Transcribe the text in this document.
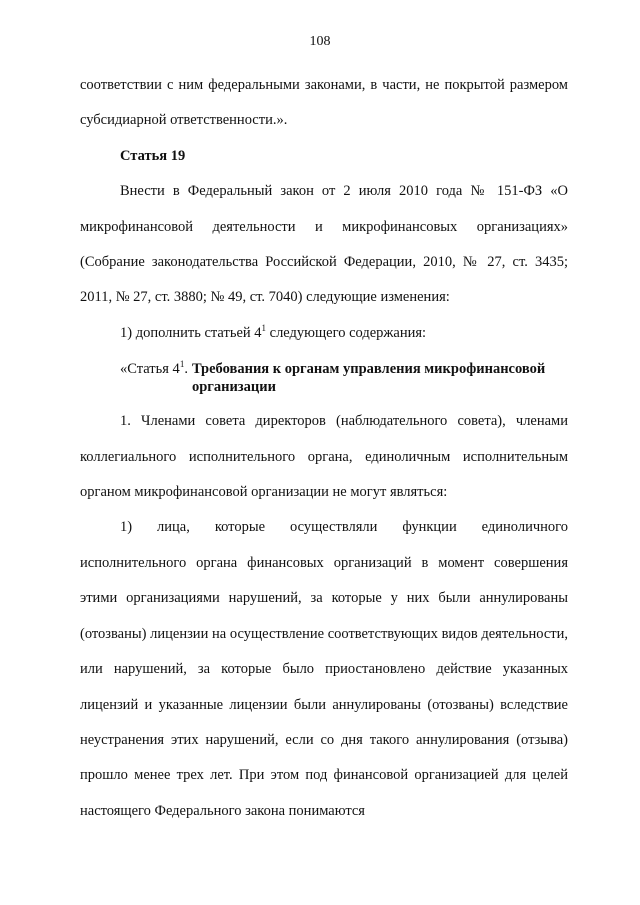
108

соответствии с ним федеральными законами, в части, не покрытой размером субсидиарной ответственности.».

Статья 19

Внести в Федеральный закон от 2 июля 2010 года № 151-ФЗ «О микрофинансовой деятельности и микрофинансовых организациях» (Собрание законодательства Российской Федерации, 2010, № 27, ст. 3435; 2011, № 27, ст. 3880; № 49, ст. 7040) следующие изменения:

1) дополнить статьей $4^1$ следующего содержания:

«Статья $4^1$. Требования к органам управления микрофинансовой организации

1. Членами совета директоров (наблюдательного совета), членами коллегиального исполнительного органа, единоличным исполнительным органом микрофинансовой организации не могут являться:

1) лица, которые осуществляли функции единоличного исполнительного органа финансовых организаций в момент совершения этими организациями нарушений, за которые у них были аннулированы (отозваны) лицензии на осуществление соответствующих видов деятельности, или нарушений, за которые было приостановлено действие указанных лицензий и указанные лицензии были аннулированы (отозваны) вследствие неустранения этих нарушений, если со дня такого аннулирования (отзыва) прошло менее трех лет. При этом под финансовой организацией для целей настоящего Федерального закона понимаются
